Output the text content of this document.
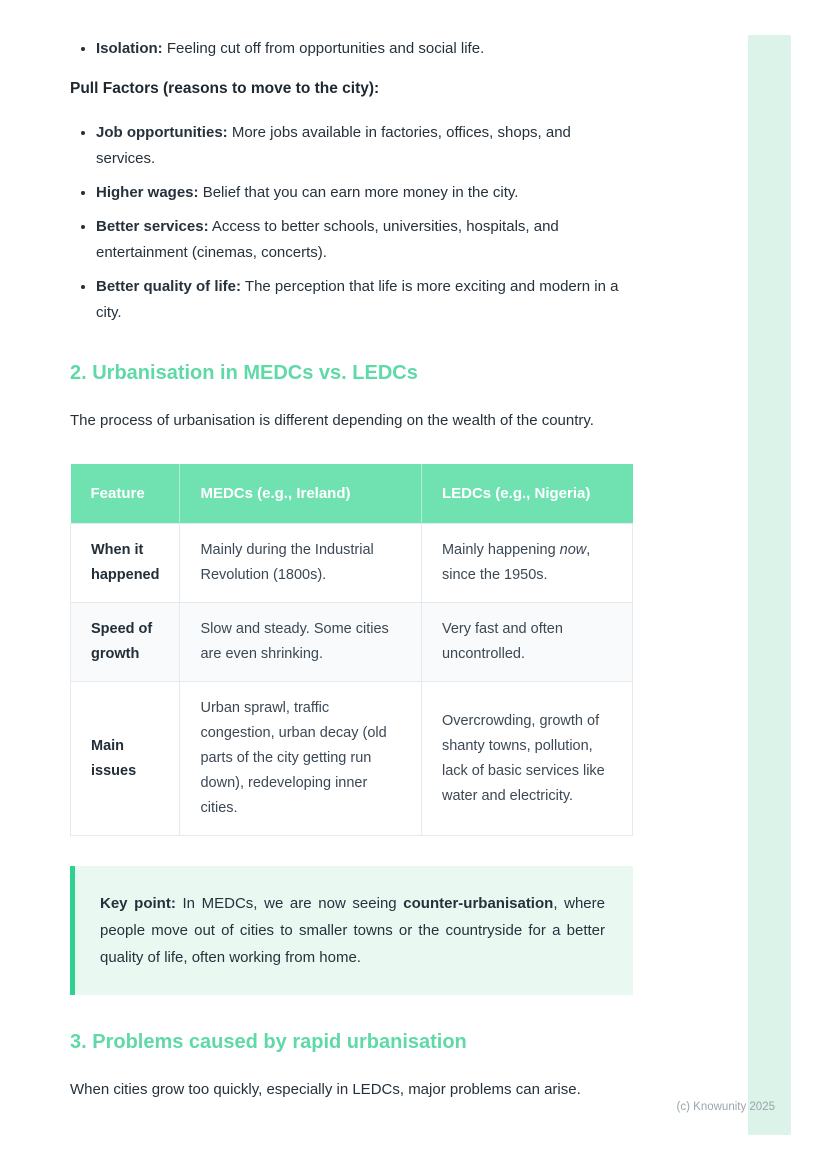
• Isolation: Feeling cut off from opportunities and social life.

Pull Factors (reasons to move to the city):

• Job opportunities: More jobs available in factories, offices, shops, and services.
• Higher wages: Belief that you can earn more money in the city.
• Better services: Access to better schools, universities, hospitals, and entertainment (cinemas, concerts).
• Better quality of life: The perception that life is more exciting and modern in a city.
2. Urbanisation in MEDCs vs. LEDCs

The process of urbanisation is different depending on the wealth of the country.

Feature	MEDCs (e.g., Ireland)	LEDCs (e.g., Nigeria)
When it happened	Mainly during the Industrial Revolution (1800s).	Mainly happening now, since the 1950s.
Speed of growth	Slow and steady. Some cities are even shrinking.	Very fast and often uncontrolled.
Main issues	Urban sprawl, traffic congestion, urban decay (old parts of the city getting run down), redeveloping inner cities.	Overcrowding, growth of shanty towns, pollution, lack of basic services like water and electricity.

Key point: In MEDCs, we are now seeing counter-urbanisation, where people move out of cities to smaller towns or the countryside for a better quality of life, often working from home.

3. Problems caused by rapid urbanisation

When cities grow too quickly, especially in LEDCs, major problems can arise.

(c) Knowunity 2025
